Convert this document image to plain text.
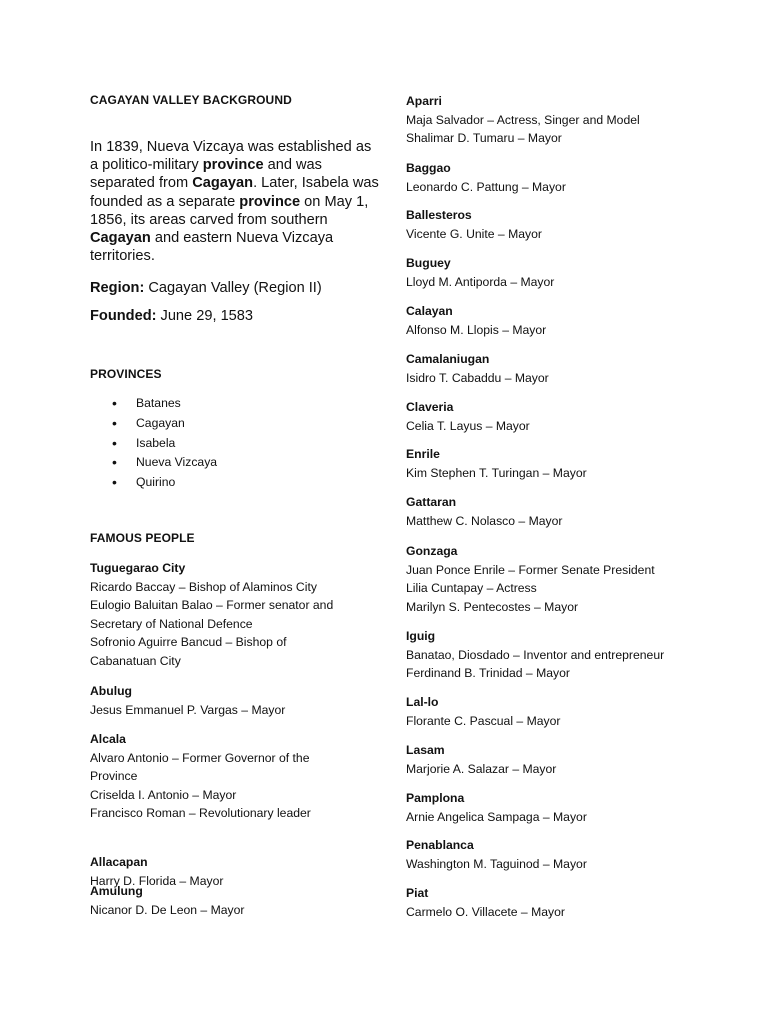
CAGAYAN VALLEY BACKGROUND
In 1839, Nueva Vizcaya was established as a politico-military province and was separated from Cagayan. Later, Isabela was founded as a separate province on May 1, 1856, its areas carved from southern Cagayan and eastern Nueva Vizcaya territories.
Region: Cagayan Valley (Region II)
Founded: June 29, 1583
PROVINCES
• Batanes
• Cagayan
• Isabela
• Nueva Vizcaya
• Quirino
FAMOUS PEOPLE
Tuguegarao City
Ricardo Baccay – Bishop of Alaminos City
Eulogio Baluitan Balao – Former senator and Secretary of National Defence
Sofronio Aguirre Bancud – Bishop of Cabanatuan City
Abulug
Jesus Emmanuel P. Vargas – Mayor
Alcala
Alvaro Antonio – Former Governor of the Province
Criselda I. Antonio – Mayor
Francisco Roman – Revolutionary leader
Allacapan
Harry D. Florida – Mayor
Amulung
Nicanor D. De Leon – Mayor
Aparri
Maja Salvador – Actress, Singer and Model
Shalimar D. Tumaru – Mayor
Baggao
Leonardo C. Pattung – Mayor
Ballesteros
Vicente G. Unite – Mayor
Buguey
Lloyd M. Antiporda – Mayor
Calayan
Alfonso M. Llopis – Mayor
Camalaniugan
Isidro T. Cabaddu – Mayor
Claveria
Celia T. Layus – Mayor
Enrile
Kim Stephen T. Turingan – Mayor
Gattaran
Matthew C. Nolasco – Mayor
Gonzaga
Juan Ponce Enrile – Former Senate President
Lilia Cuntapay – Actress
Marilyn S. Pentecostes – Mayor
Iguig
Banatao, Diosdado – Inventor and entrepreneur
Ferdinand B. Trinidad – Mayor
Lal-lo
Florante C. Pascual – Mayor
Lasam
Marjorie A. Salazar – Mayor
Pamplona
Arnie Angelica Sampaga – Mayor
Penablanca
Washington M. Taguinod – Mayor
Piat
Carmelo O. Villacete – Mayor
